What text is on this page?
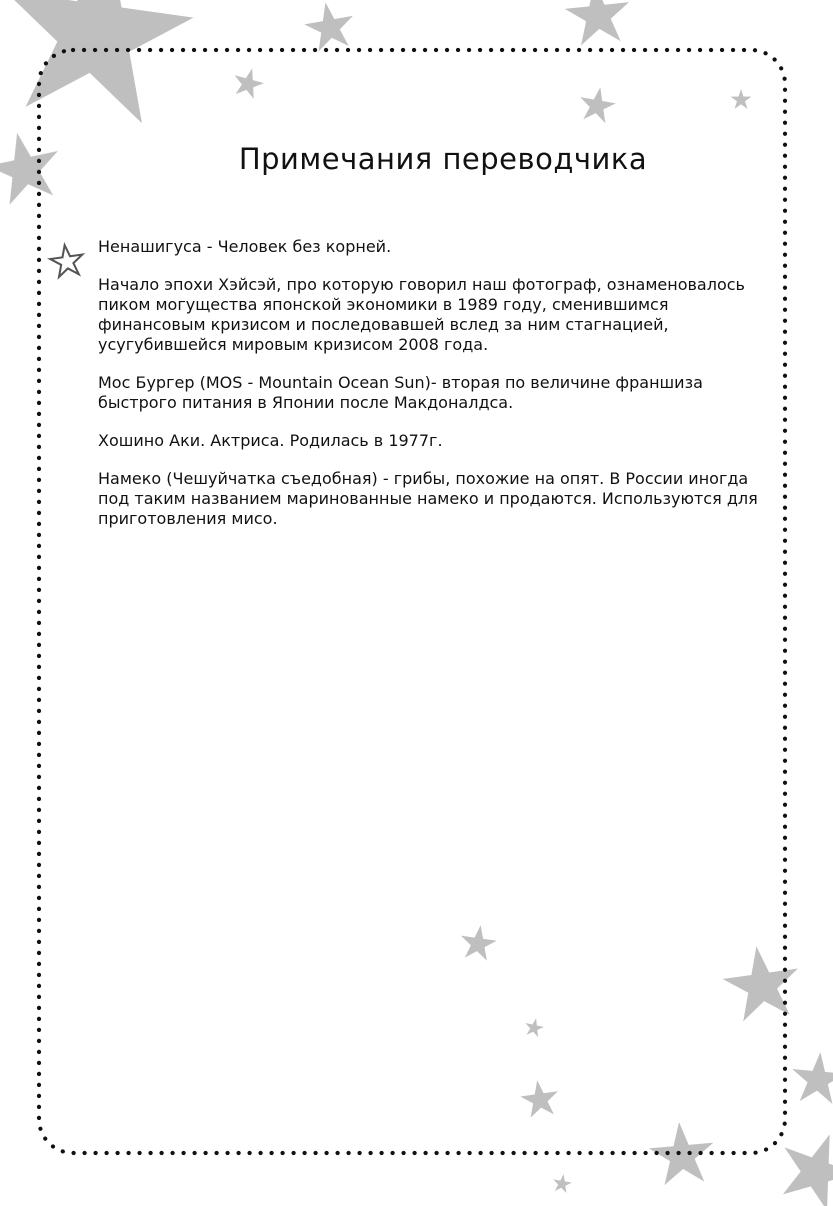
Примечания переводчика

Ненашигуса - Человек без корней.

Начало эпохи Хэйсэй, про которую говорил наш фотограф, ознаменовалось пиком могущества японской экономики в 1989 году, сменившимся финансовым кризисом и последовавшей вслед за ним стагнацией, усугубившейся мировым кризисом 2008 года.

Мос Бургер (MOS - Mountain Ocean Sun)- вторая по величине франшиза быстрого питания в Японии после Макдоналдса.

Хошино Аки. Актриса. Родилась в 1977г.

Намеко (Чешуйчатка съедобная) - грибы, похожие на опят. В России иногда под таким названием маринованные намеко и продаются. Используются для приготовления мисо.
